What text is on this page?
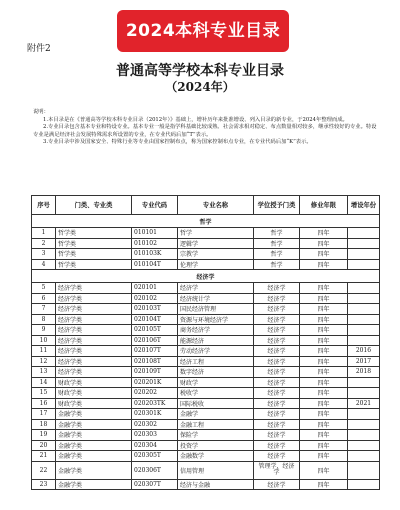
2024本科专业目录
附件2
普通高等学校本科专业目录
（2024年）

说明：

1.本目录是在《普通高等学校本科专业目录（2012年）》基础上，增补历年来批准增设、列入目录的新专业，于2024年整理而成。

2.专业目录包含基本专业和特设专业。基本专业一般是指学科基础比较成熟、社会需求相对稳定、布点数量相对较多，继承性较好的专业。特设专业是满足经济社会发展特殊需求所设置的专业，在专业代码后加“T”表示。

3.专业目录中涉及国家安全、特殊行业等专业由国家控制布点，称为国家控制布点专业，在专业代码后加“K”表示。

序号	门类、专业类	专业代码	专业名称	学位授予门类	修业年限	增设年份
哲学						
1	哲学类	010101	哲学	哲学	四年	
2	哲学类	010102	逻辑学	哲学	四年	
3	哲学类	010103K	宗教学	哲学	四年	
4	哲学类	010104T	伦理学	哲学	四年	
经济学						
5	经济学类	020101	经济学	经济学	四年	
6	经济学类	020102	经济统计学	经济学	四年	
7	经济学类	020103T	国民经济管理	经济学	四年	
8	经济学类	020104T	资源与环境经济学	经济学	四年	
9	经济学类	020105T	商务经济学	经济学	四年	
10	经济学类	020106T	能源经济	经济学	四年	
11	经济学类	020107T	劳动经济学	经济学	四年	2016
12	经济学类	020108T	经济工程	经济学	四年	2017
13	经济学类	020109T	数字经济	经济学	四年	2018
14	财政学类	020201K	财政学	经济学	四年	
15	财政学类	020202	税收学	经济学	四年	
16	财政学类	020203TK	国际税收	经济学	四年	2021
17	金融学类	020301K	金融学	经济学	四年	
18	金融学类	020302	金融工程	经济学	四年	
19	金融学类	020303	保险学	经济学	四年	
20	金融学类	020304	投资学	经济学	四年	
21	金融学类	020305T	金融数学	经济学	四年	
22	金融学类	020306T	信用管理	管理学，经济学	四年	
23	金融学类	020307T	经济与金融	经济学	四年	
